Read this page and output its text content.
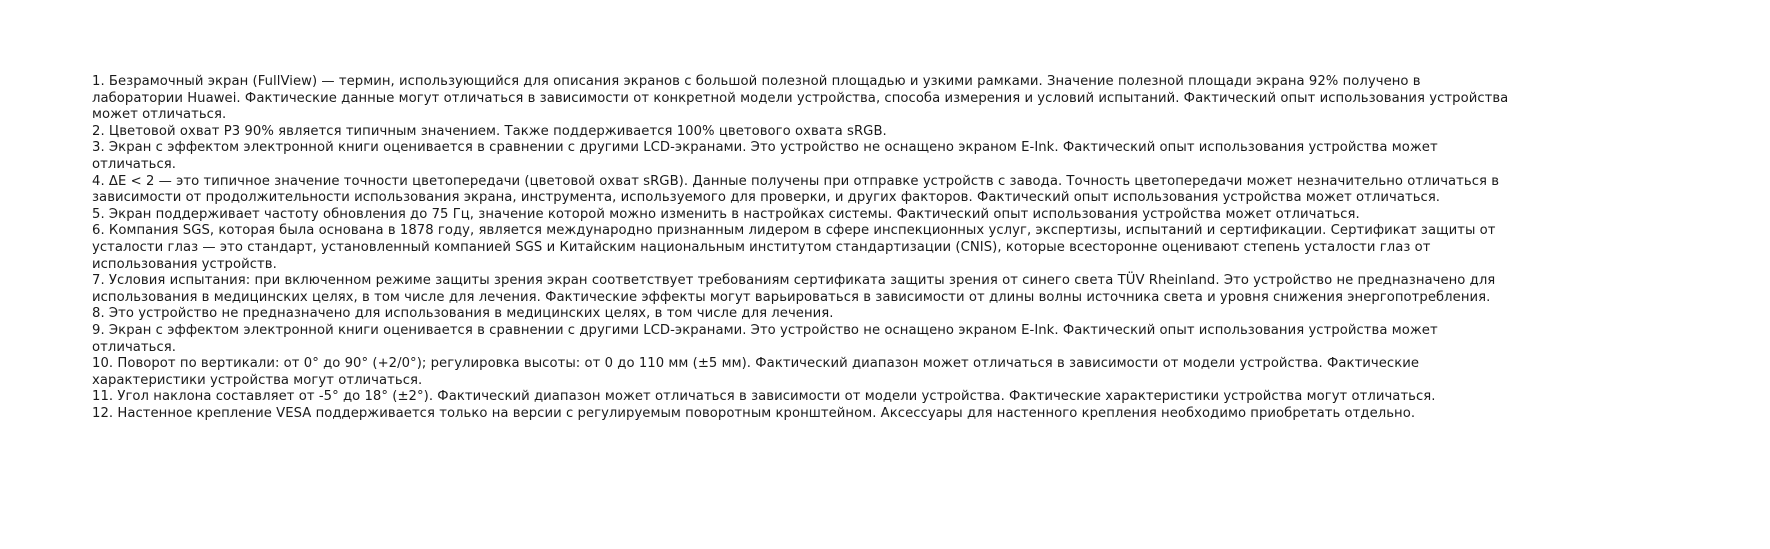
1. Безрамочный экран (FullView) — термин, использующийся для описания экранов с большой полезной площадью и узкими рамками. Значение полезной площади экрана 92% получено в лаборатории Huawei. Фактические данные могут отличаться в зависимости от конкретной модели устройства, способа измерения и условий испытаний. Фактический опыт использования устройства может отличаться.
2. Цветовой охват P3 90% является типичным значением. Также поддерживается 100% цветового охвата sRGB.
3. Экран с эффектом электронной книги оценивается в сравнении с другими LCD-экранами. Это устройство не оснащено экраном E-Ink. Фактический опыт использования устройства может отличаться.
4. ΔE < 2 — это типичное значение точности цветопередачи (цветовой охват sRGB). Данные получены при отправке устройств с завода. Точность цветопередачи может незначительно отличаться в зависимости от продолжительности использования экрана, инструмента, используемого для проверки, и других факторов. Фактический опыт использования устройства может отличаться.
5. Экран поддерживает частоту обновления до 75 Гц, значение которой можно изменить в настройках системы. Фактический опыт использования устройства может отличаться.
6. Компания SGS, которая была основана в 1878 году, является международно признанным лидером в сфере инспекционных услуг, экспертизы, испытаний и сертификации. Сертификат защиты от усталости глаз — это стандарт, установленный компанией SGS и Китайским национальным институтом стандартизации (CNIS), которые всесторонне оценивают степень усталости глаз от использования устройств.
7. Условия испытания: при включенном режиме защиты зрения экран соответствует требованиям сертификата защиты зрения от синего света TÜV Rheinland. Это устройство не предназначено для использования в медицинских целях, в том числе для лечения. Фактические эффекты могут варьироваться в зависимости от длины волны источника света и уровня снижения энергопотребления.
8. Это устройство не предназначено для использования в медицинских целях, в том числе для лечения.
9. Экран с эффектом электронной книги оценивается в сравнении с другими LCD-экранами. Это устройство не оснащено экраном E-Ink. Фактический опыт использования устройства может отличаться.
10. Поворот по вертикали: от 0° до 90° (+2/0°); регулировка высоты: от 0 до 110 мм (±5 мм). Фактический диапазон может отличаться в зависимости от модели устройства. Фактические характеристики устройства могут отличаться.
11. Угол наклона составляет от -5° до 18° (±2°). Фактический диапазон может отличаться в зависимости от модели устройства. Фактические характеристики устройства могут отличаться.
12. Настенное крепление VESA поддерживается только на версии с регулируемым поворотным кронштейном. Аксессуары для настенного крепления необходимо приобретать отдельно.
